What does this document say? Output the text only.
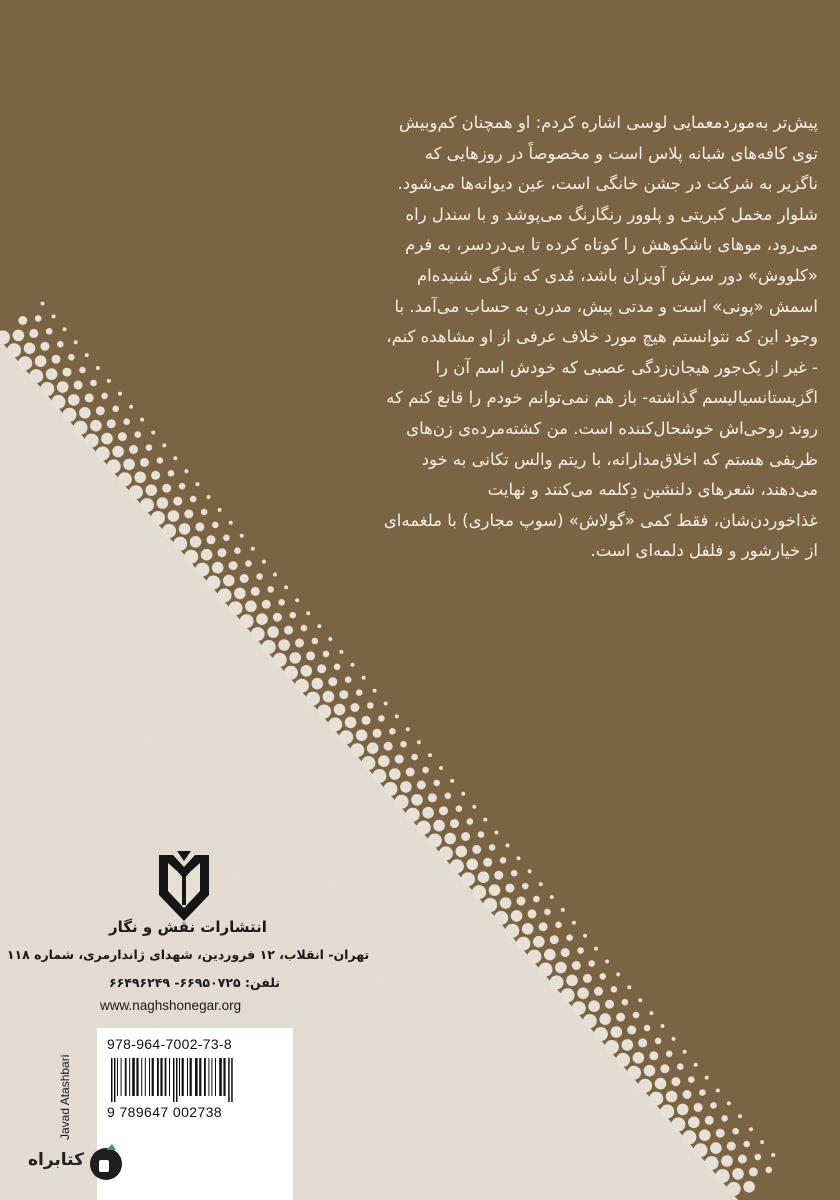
پیش‌تر به‌موردمعمایی لوسی اشاره کردم: او همچنان کم‌وبیش
توی کافه‌های شبانه پلاس است و مخصوصاً در روزهایی که
ناگزیر به شرکت در جشن خانگی است، عین دیوانه‌ها می‌شود.
شلوار مخمل کبریتی و پلوور رنگارنگ می‌پوشد و با سندل راه
می‌رود، موهای باشکوهش را کوتاه کرده تا بی‌دردسر، به فرم
«کلووش» دور سرش آویزان باشد، مُدی که تازگی شنیده‌ام
اسمش «پونی» است و مدتی پیش، مدرن به حساب می‌آمد. با
وجود این که نتوانستم هیچ مورد خلاف عرفی از او مشاهده کنم،
- غیر از یک‌جور هیجان‌زدگی عصبی که خودش اسم آن را
اگزیستانسیالیسم گذاشته- باز هم نمی‌توانم خودم را قانع کنم که
روند روحی‌اش خوشحال‌کننده است. من کشته‌مرده‌ی زن‌های
ظریفی هستم که اخلاق‌مدارانه، با ریتم والس تکانی به خود
می‌دهند، شعرهای دلنشین دِکلمه می‌کنند و نهایت
غذاخوردن‌شان، فقط کمی «گولاش» (سوپ مجاری) با ملغمه‌ای
از خیارشور و فلفل دلمه‌ای است.
انتشارات نقش و نگار
تهران- انقلاب، ۱۲ فروردین، شهدای ژاندارمری، شماره ۱۱۸
تلفن: ۶۶۹۵۰۷۲۵- ۶۶۴۹۶۲۴۹
www.naghshonegar.org
978-964-7002-73-8
9 789647 002738
Javad Atashbari
کتابراه
